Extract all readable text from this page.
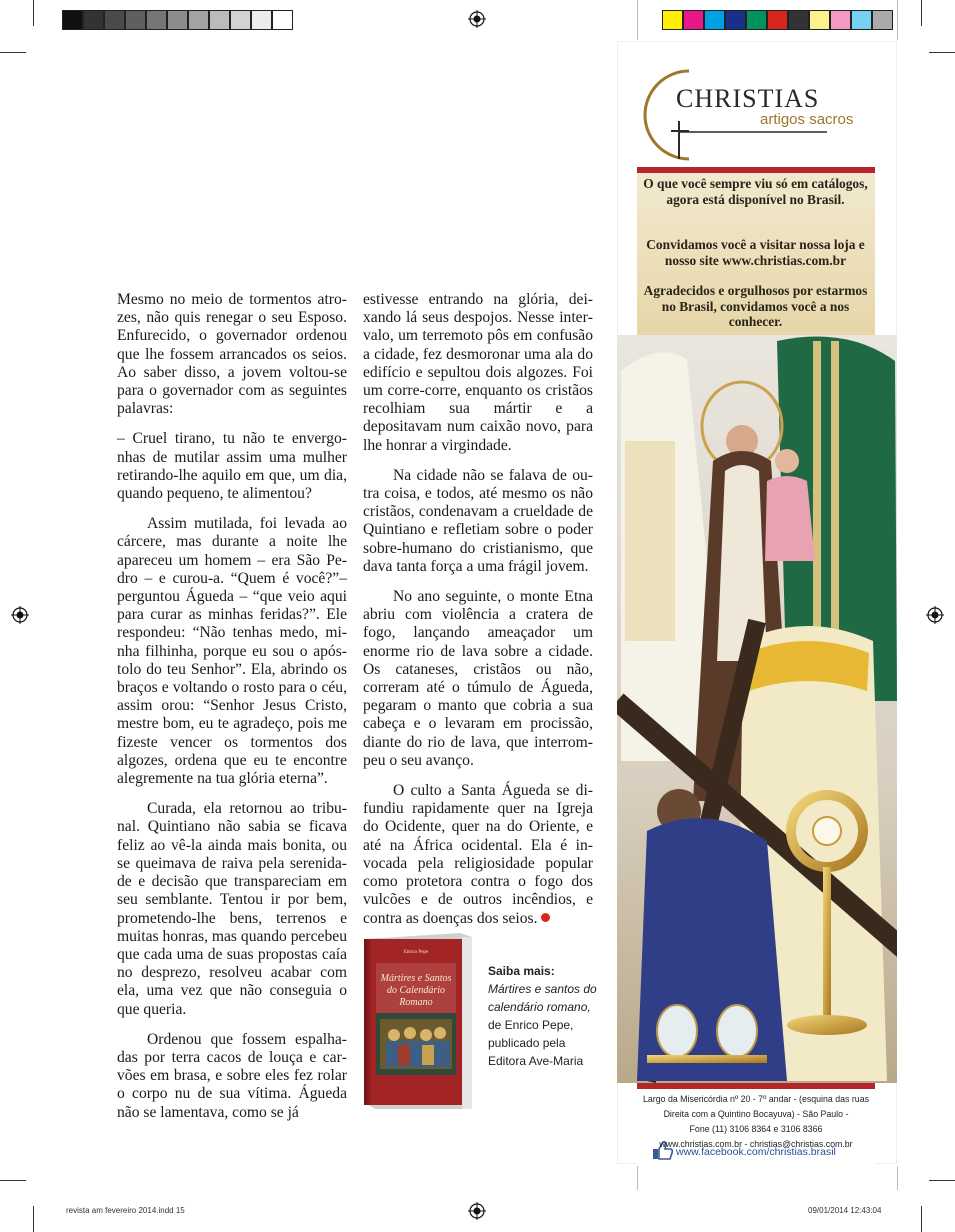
Mesmo no meio de tormentos atrozes, não quis renegar o seu Esposo. Enfurecido, o governador ordenou que lhe fossem arrancados os seios. Ao saber disso, a jovem voltou-se para o governador com as seguintes palavras:

– Cruel tirano, tu não te envergonhas de mutilar assim uma mulher retirando-lhe aquilo em que, um dia, quando pequeno, te alimentou?

Assim mutilada, foi levada ao cárcere, mas durante a noite lhe apareceu um homem – era São Pedro – e curou-a. “Quem é você?”– perguntou Águeda – “que veio aqui para curar as minhas feridas?”. Ele respondeu: “Não tenhas medo, minha filhinha, porque eu sou o apóstolo do teu Senhor”. Ela, abrindo os braços e voltando o rosto para o céu, assim orou: “Senhor Jesus Cristo, mestre bom, eu te agradeço, pois me fizeste vencer os tormentos dos algozes, ordena que eu te encontre alegremente na tua glória eterna”.

Curada, ela retornou ao tribunal. Quintiano não sabia se ficava feliz ao vê-la ainda mais bonita, ou se queimava de raiva pela serenidade e decisão que transpareciam em seu semblante. Tentou ir por bem, prometendo-lhe bens, terrenos e muitas honras, mas quando percebeu que cada uma de suas propostas caía no desprezo, resolveu acabar com ela, uma vez que não conseguia o que queria.

Ordenou que fossem espalhadas por terra cacos de louça e carvões em brasa, e sobre eles fez rolar o corpo nu de sua vítima. Águeda não se lamentava, como se já

estivesse entrando na glória, deixando lá seus despojos. Nesse intervalo, um terremoto pôs em confusão a cidade, fez desmoronar uma ala do edifício e sepultou dois algozes. Foi um corre-corre, enquanto os cristãos recolhiam sua mártir e a depositavam num caixão novo, para lhe honrar a virgindade.

Na cidade não se falava de outra coisa, e todos, até mesmo os não cristãos, condenavam a crueldade de Quintiano e refletiam sobre o poder sobre-humano do cristianismo, que dava tanta força a uma frágil jovem.

No ano seguinte, o monte Etna abriu com violência a cratera de fogo, lançando ameaçador um enorme rio de lava sobre a cidade. Os cataneses, cristãos ou não, correram até o túmulo de Águeda, pegaram o manto que cobria a sua cabeça e o levaram em procissão, diante do rio de lava, que interrompeu o seu avanço.

O culto a Santa Águeda se difundiu rapidamente quer na Igreja do Ocidente, quer na do Oriente, e até na África ocidental. Ela é invocada pela religiosidade popular como protetora contra o fogo dos vulcões e de outros incêndios, e contra as doenças dos seios.

Enrico Pepe
Mártires e Santos
do Calendário
Romano
Saiba mais:
Mártires e santos do calendário romano,
de Enrico Pepe,
publicado pela
Editora Ave-Maria
CHRISTIAS
artigos sacros
O que você sempre viu só em catálogos, agora está disponível no Brasil.
Convidamos você a visitar nossa loja e nosso site www.christias.com.br
Agradecidos e orgulhosos por estarmos no Brasil, convidamos você a nos conhecer.
Largo da Misericórdia nº 20 - 7º andar - (esquina das ruas
Direita com a Quintino Bocayuva) - São Paulo -
Fone (11) 3106 8364 e 3106 8366
www.christias.com.br - christias@christias.com.br
www.facebook.com/christias.brasil
revista am fevereiro 2014.indd 15	09/01/2014 12:43:04
